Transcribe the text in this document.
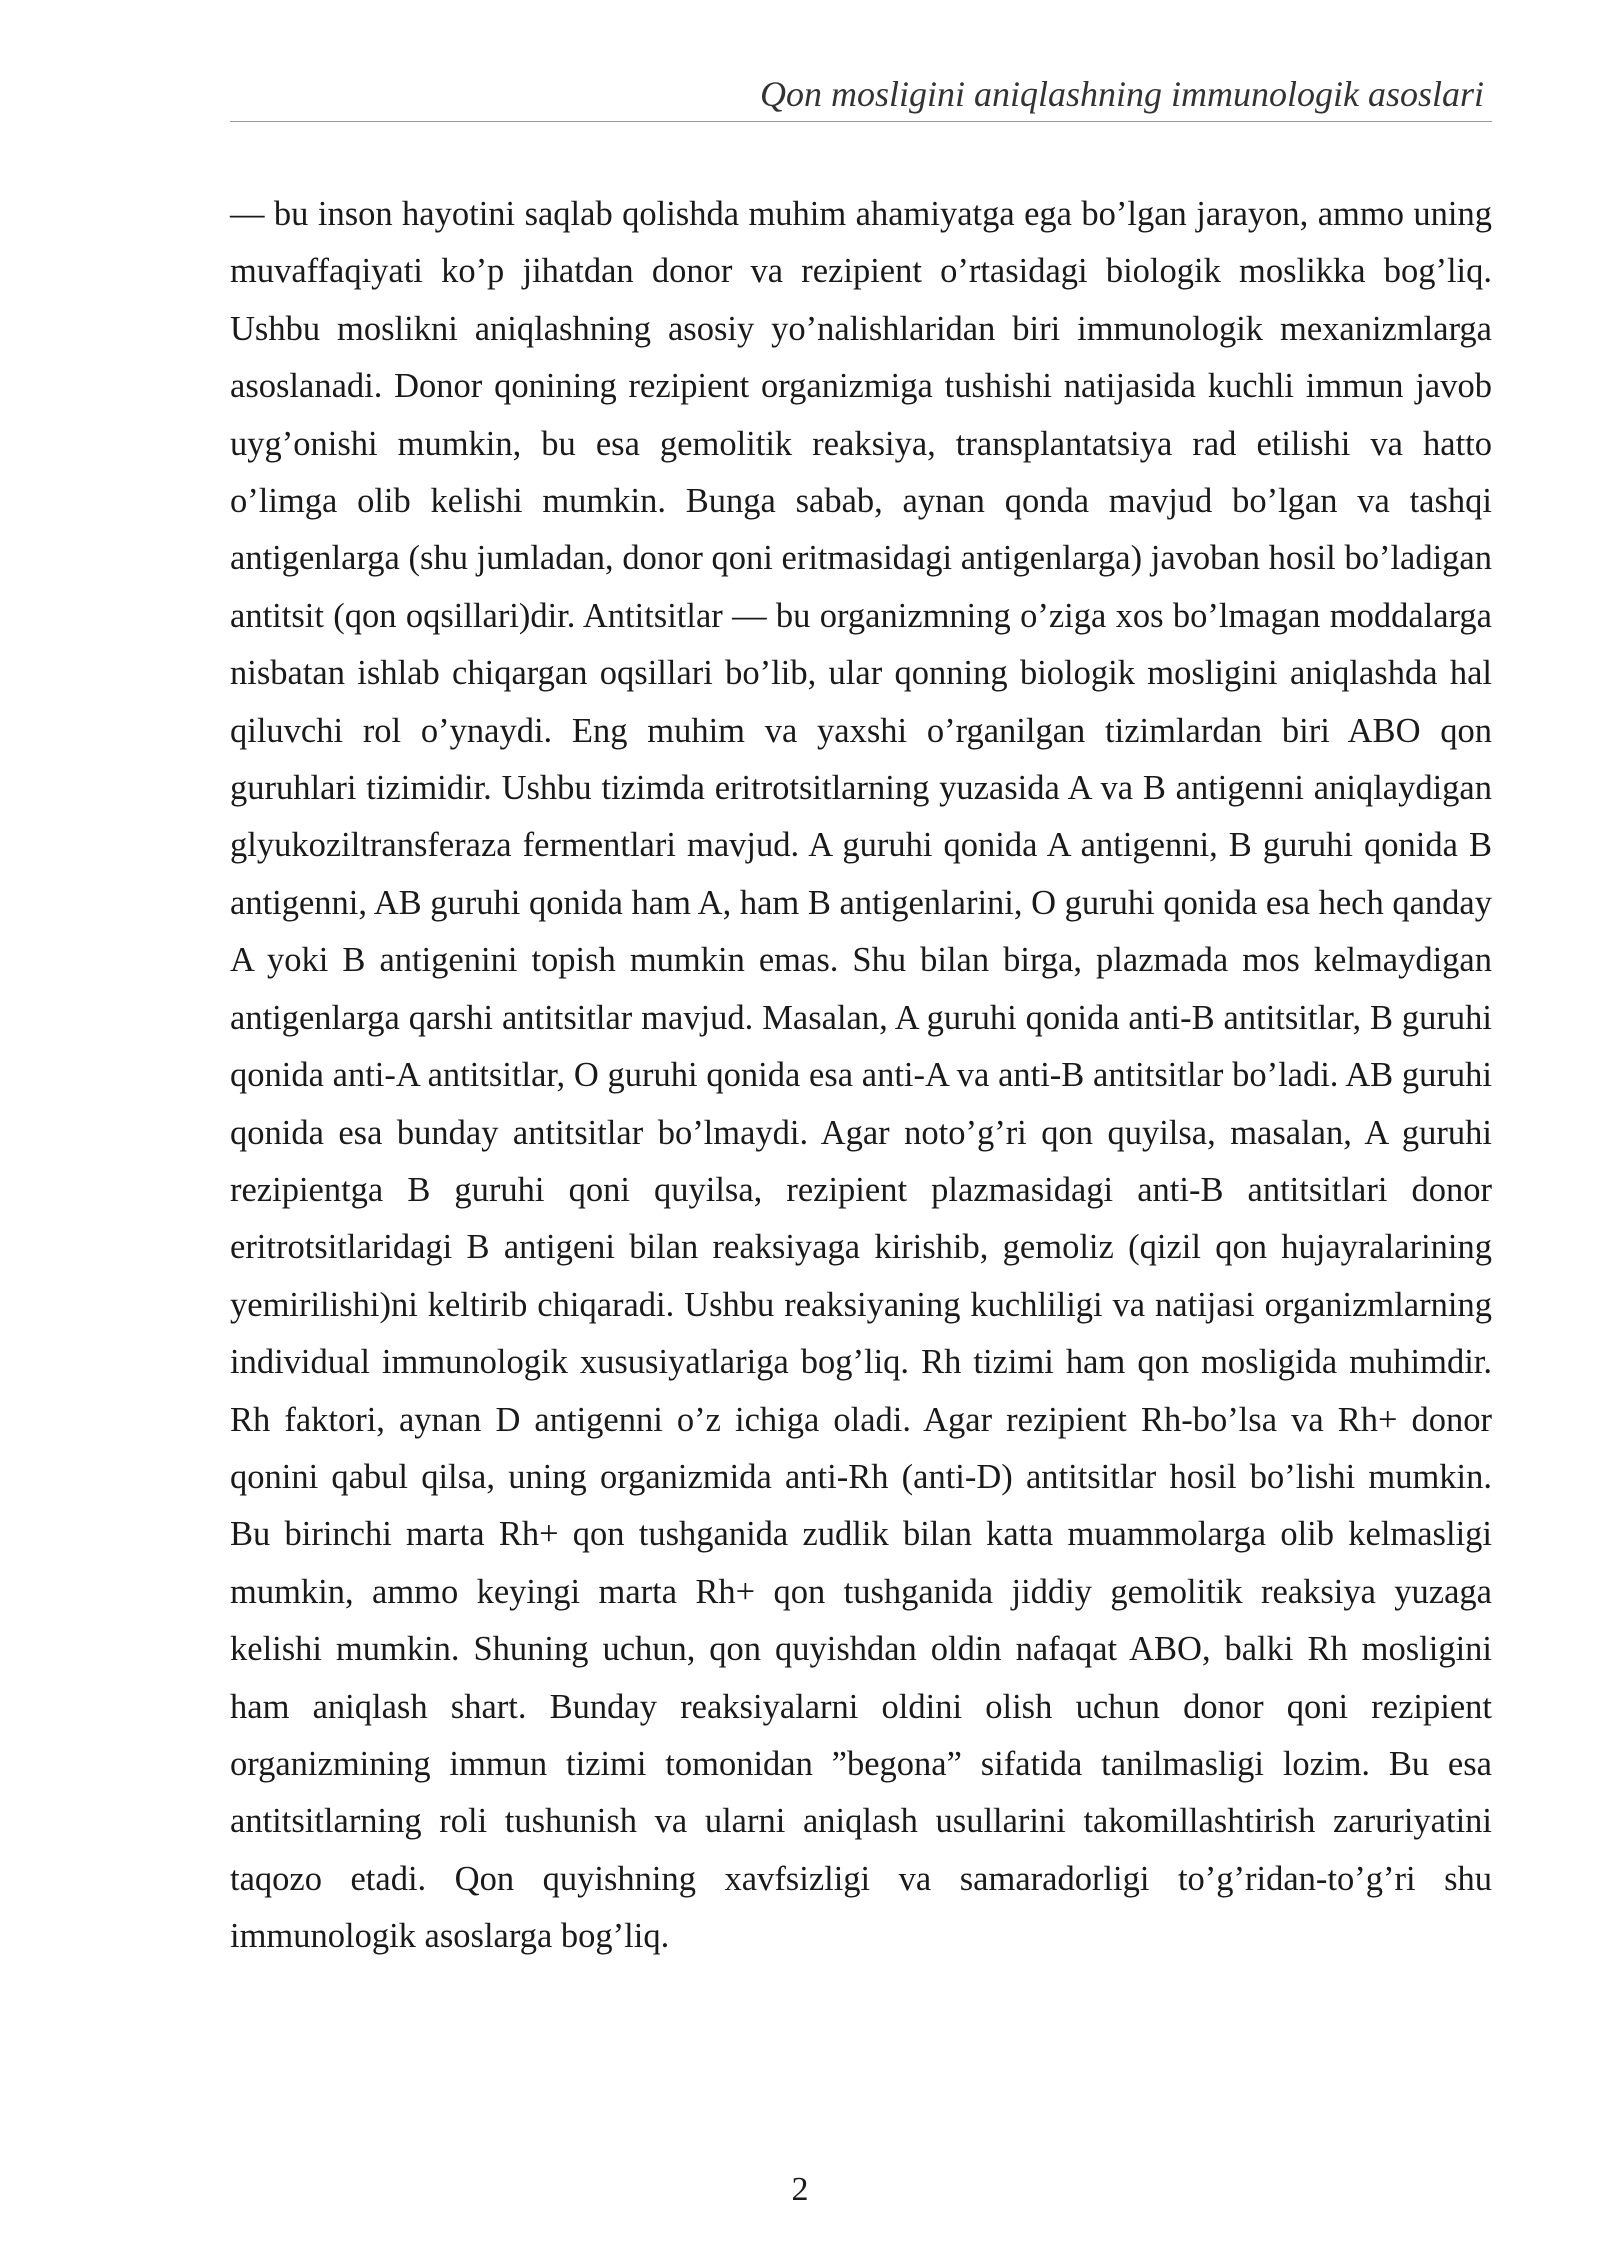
Qon mosligini aniqlashning immunologik asoslari

— bu inson hayotini saqlab qolishda muhim ahamiyatga ega bo’lgan jarayon, ammo uning muvaffaqiyati ko’p jihatdan donor va rezipient o’rtasidagi biologik moslikka bog’liq. Ushbu moslikni aniqlashning asosiy yo’nalishlaridan biri immunologik mexanizmlarga asoslanadi. Donor qonining rezipient organizmiga tushishi natijasida kuchli immun javob uyg’onishi mumkin, bu esa gemolitik reaksiya, transplantatsiya rad etilishi va hatto o’limga olib kelishi mumkin. Bunga sabab, aynan qonda mavjud bo’lgan va tashqi antigenlarga (shu jumladan, donor qoni eritmasidagi antigenlarga) javoban hosil bo’ladigan antitsit (qon oqsillari)dir. Antitsitlar — bu organizmning o’ziga xos bo’lmagan moddalarga nisbatan ishlab chiqargan oqsillari bo’lib, ular qonning biologik mosligini aniqlashda hal qiluvchi rol o’ynaydi. Eng muhim va yaxshi o’rganilgan tizimlardan biri ABO qon guruhlari tizimidir. Ushbu tizimda eritrotsitlarning yuzasida A va B antigenni aniqlaydigan glyukoziltransferaza fermentlari mavjud. A guruhi qonida A antigenni, B guruhi qonida B antigenni, AB guruhi qonida ham A, ham B antigenlarini, O guruhi qonida esa hech qanday A yoki B antigenini topish mumkin emas. Shu bilan birga, plazmada mos kelmaydigan antigenlarga qarshi antitsitlar mavjud. Masalan, A guruhi qonida anti-B antitsitlar, B guruhi qonida anti-A antitsitlar, O guruhi qonida esa anti-A va anti-B antitsitlar bo’ladi. AB guruhi qonida esa bunday antitsitlar bo’lmaydi. Agar noto’g’ri qon quyilsa, masalan, A guruhi rezipientga B guruhi qoni quyilsa, rezipient plazmasidagi anti-B antitsitlari donor eritrotsitlaridagi B antigeni bilan reaksiyaga kirishib, gemoliz (qizil qon hujayralarining yemirilishi)ni keltirib chiqaradi. Ushbu reaksiyaning kuchliligi va natijasi organizmlarning individual immunologik xususiyatlariga bog’liq. Rh tizimi ham qon mosligida muhimdir. Rh faktori, aynan D antigenni o’z ichiga oladi. Agar rezipient Rh-bo’lsa va Rh+ donor qonini qabul qilsa, uning organizmida anti-Rh (anti-D) antitsitlar hosil bo’lishi mumkin. Bu birinchi marta Rh+ qon tushganida zudlik bilan katta muammolarga olib kelmasligi mumkin, ammo keyingi marta Rh+ qon tushganida jiddiy gemolitik reaksiya yuzaga kelishi mumkin. Shuning uchun, qon quyishdan oldin nafaqat ABO, balki Rh mosligini ham aniqlash shart. Bunday reaksiyalarni oldini olish uchun donor qoni rezipient organizmining immun tizimi tomonidan ”begona” sifatida tanilmasligi lozim. Bu esa antitsitlarning roli tushunish va ularni aniqlash usullarini takomillashtirish zaruriyatini taqozo etadi. Qon quyishning xavfsizligi va samaradorligi to’g’ridan-to’g’ri shu immunologik asoslarga bog’liq.

2
